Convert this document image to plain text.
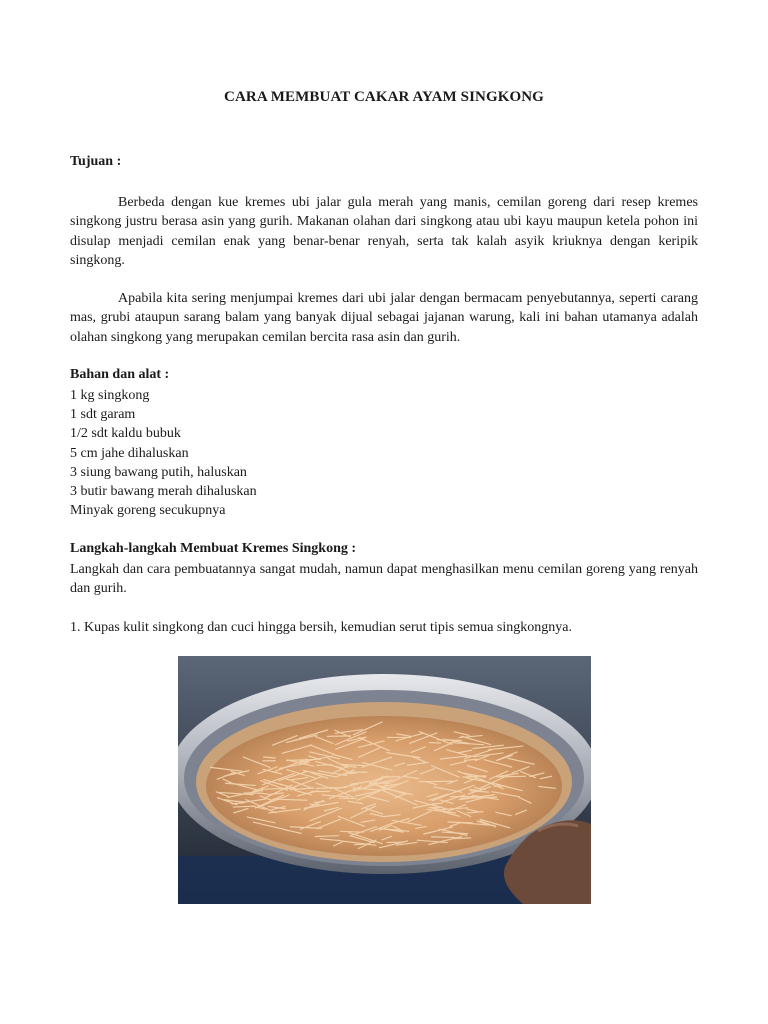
CARA MEMBUAT CAKAR AYAM SINGKONG
Tujuan :
Berbeda dengan kue kremes ubi jalar gula merah yang manis, cemilan goreng dari resep kremes singkong justru berasa asin yang gurih. Makanan olahan dari singkong atau ubi kayu maupun ketela pohon ini disulap menjadi cemilan enak yang benar-benar renyah, serta tak kalah asyik kriuknya dengan keripik singkong.
Apabila kita sering menjumpai kremes dari ubi jalar dengan bermacam penyebutannya, seperti carang mas, grubi ataupun sarang balam yang banyak dijual sebagai jajanan warung, kali ini bahan utamanya adalah olahan singkong yang merupakan cemilan bercita rasa asin dan gurih.
Bahan dan alat :
1 kg singkong
1 sdt garam
1/2 sdt kaldu bubuk
5 cm jahe dihaluskan
3 siung bawang putih, haluskan
3 butir bawang merah dihaluskan
Minyak goreng secukupnya
Langkah-langkah Membuat Kremes Singkong :
Langkah dan cara pembuatannya sangat mudah, namun dapat menghasilkan menu cemilan goreng yang renyah dan gurih.
1. Kupas kulit singkong dan cuci hingga bersih, kemudian serut tipis semua singkongnya.
